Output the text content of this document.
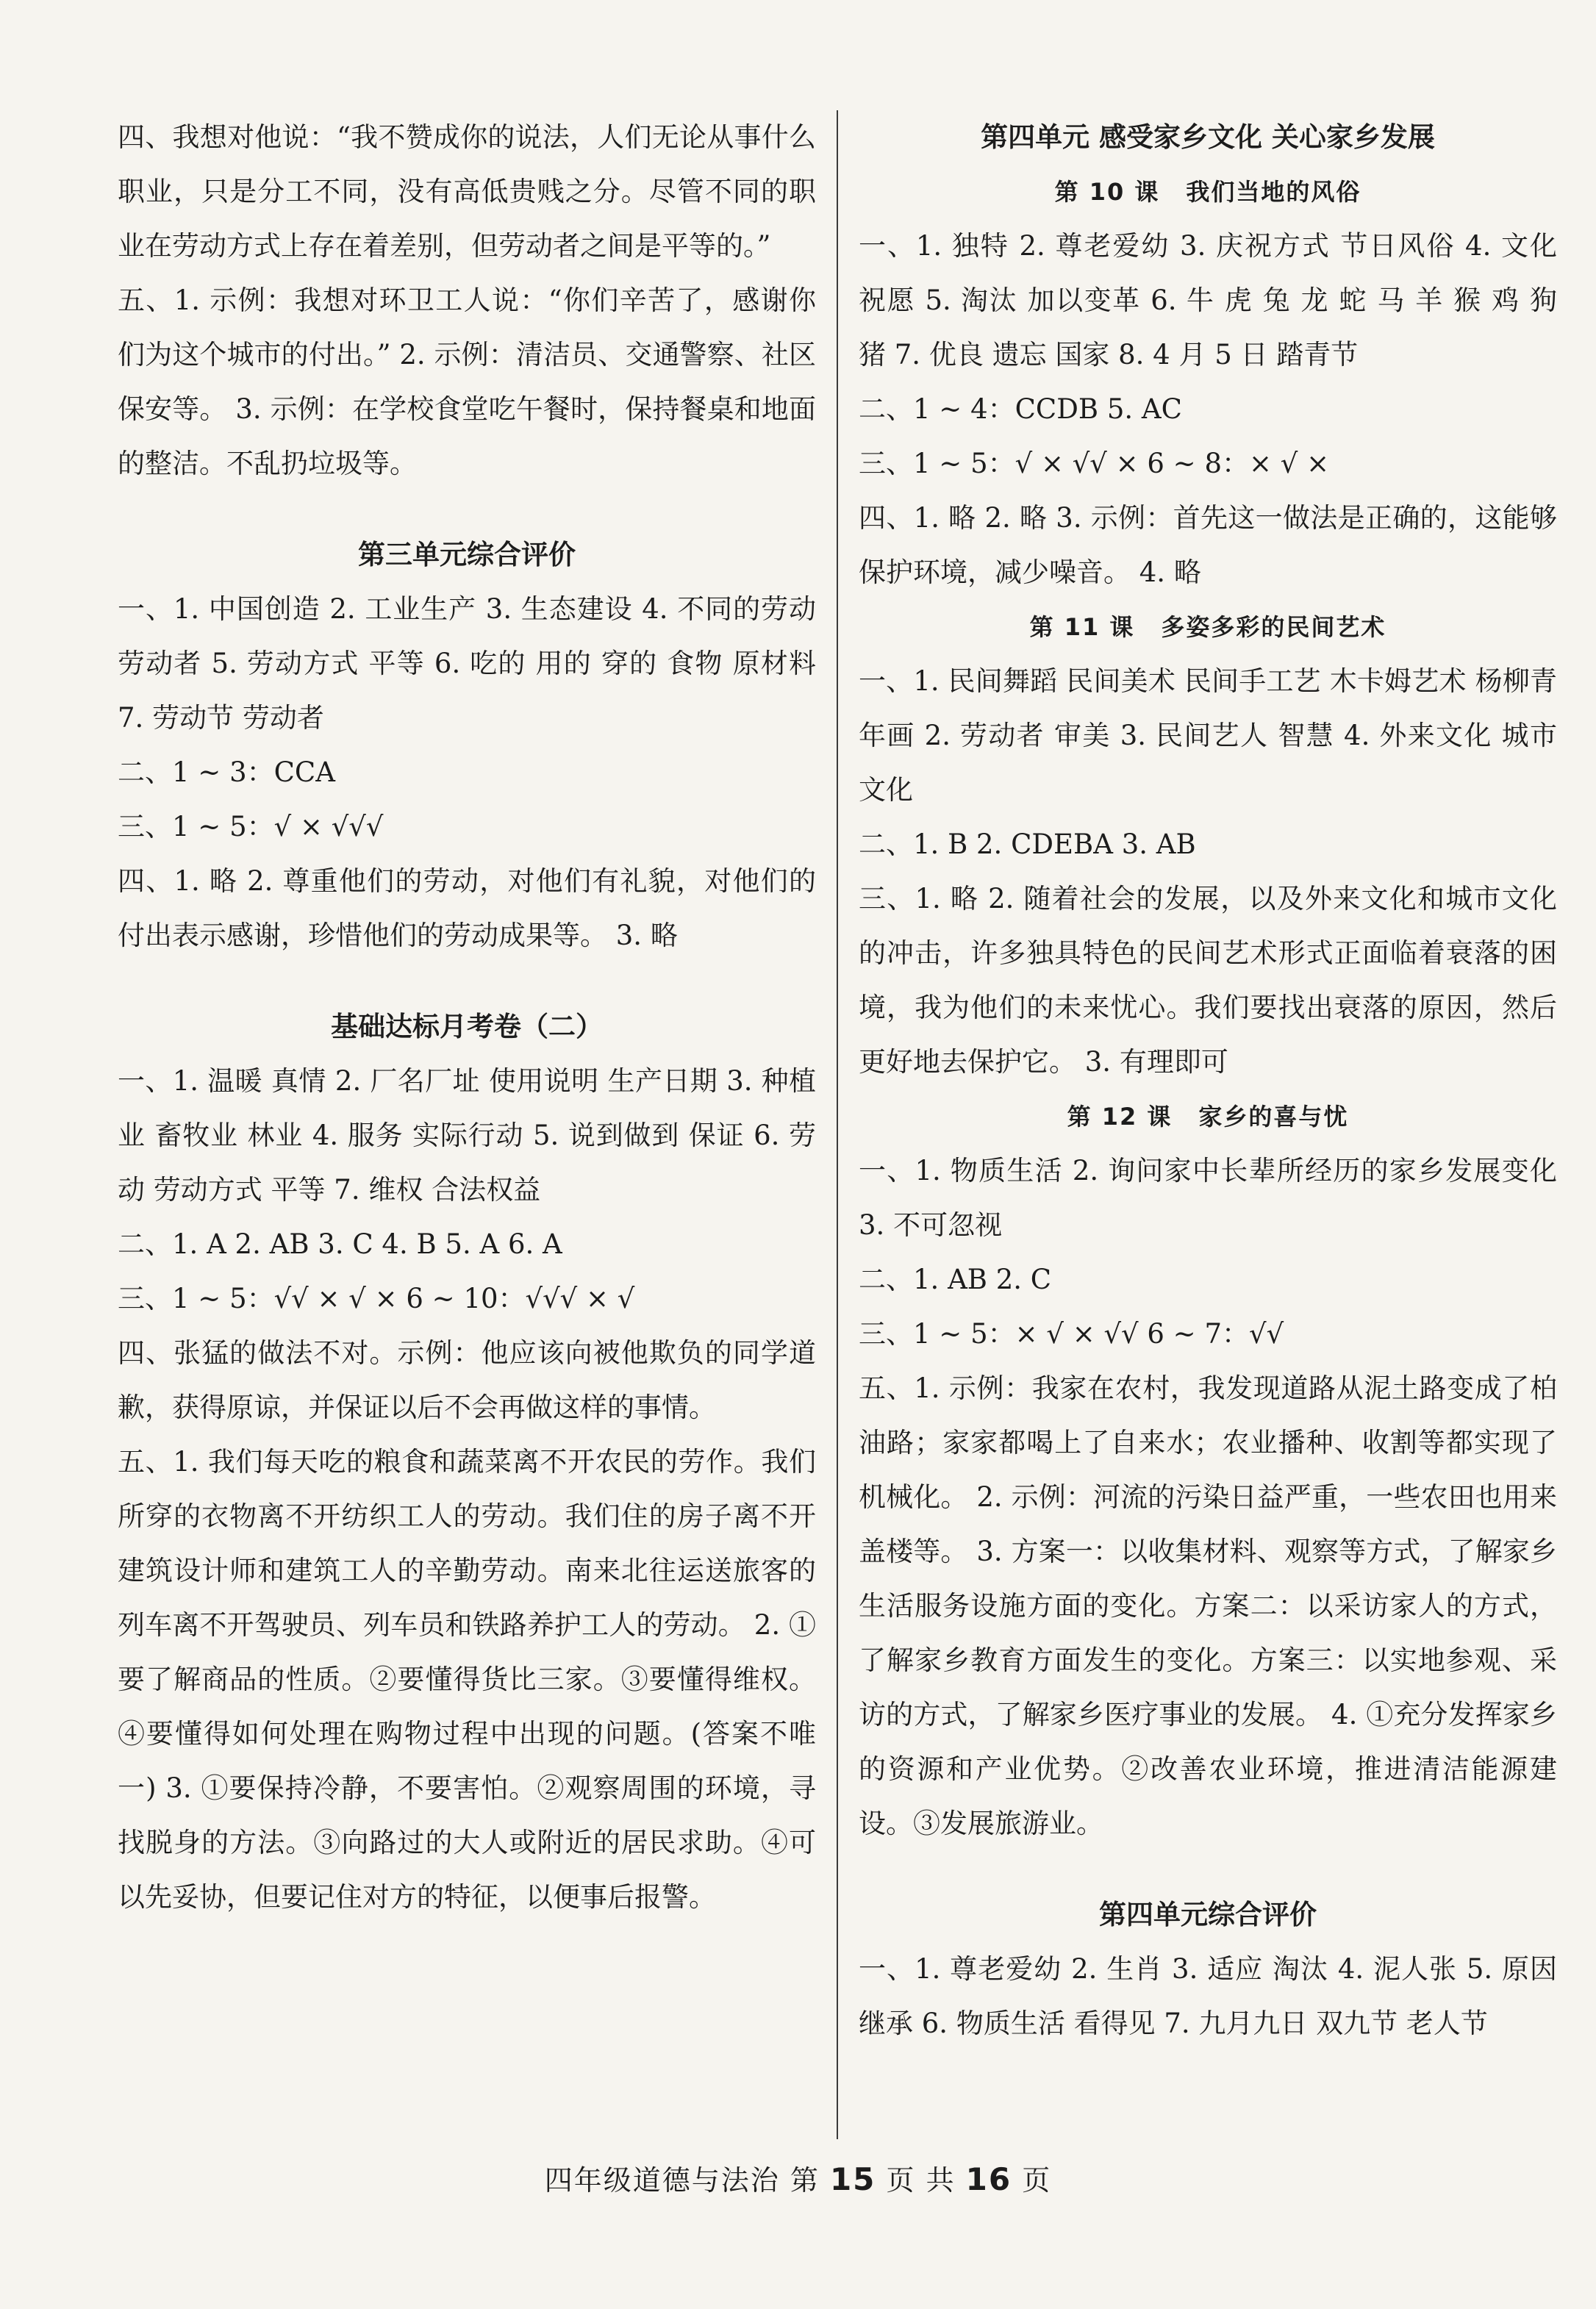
四、我想对他说：“我不赞成你的说法，人们无论从事什么职业，只是分工不同，没有高低贵贱之分。尽管不同的职业在劳动方式上存在着差别，但劳动者之间是平等的。”

五、1. 示例：我想对环卫工人说：“你们辛苦了，感谢你们为这个城市的付出。” 2. 示例：清洁员、交通警察、社区保安等。 3. 示例：在学校食堂吃午餐时，保持餐桌和地面的整洁。不乱扔垃圾等。

第三单元综合评价

一、1. 中国创造 2. 工业生产 3. 生态建设 4. 不同的劳动 劳动者 5. 劳动方式 平等 6. 吃的 用的 穿的 食物 原材料 7. 劳动节 劳动者

二、1 ~ 3：CCA

三、1 ~ 5：√ × √√√

四、1. 略 2. 尊重他们的劳动，对他们有礼貌，对他们的付出表示感谢，珍惜他们的劳动成果等。 3. 略

基础达标月考卷（二）

一、1. 温暖 真情 2. 厂名厂址 使用说明 生产日期 3. 种植业 畜牧业 林业 4. 服务 实际行动 5. 说到做到 保证 6. 劳动 劳动方式 平等 7. 维权 合法权益

二、1. A 2. AB 3. C 4. B 5. A 6. A

三、1 ~ 5：√√ × √ × 6 ~ 10：√√√ × √

四、张猛的做法不对。示例：他应该向被他欺负的同学道歉，获得原谅，并保证以后不会再做这样的事情。

五、1. 我们每天吃的粮食和蔬菜离不开农民的劳作。我们所穿的衣物离不开纺织工人的劳动。我们住的房子离不开建筑设计师和建筑工人的辛勤劳动。南来北往运送旅客的列车离不开驾驶员、列车员和铁路养护工人的劳动。 2. ①要了解商品的性质。②要懂得货比三家。③要懂得维权。④要懂得如何处理在购物过程中出现的问题。(答案不唯一) 3. ①要保持冷静，不要害怕。②观察周围的环境，寻找脱身的方法。③向路过的大人或附近的居民求助。④可以先妥协，但要记住对方的特征，以便事后报警。

第四单元 感受家乡文化 关心家乡发展

第 10 课 我们当地的风俗

一、1. 独特 2. 尊老爱幼 3. 庆祝方式 节日风俗 4. 文化 祝愿 5. 淘汰 加以变革 6. 牛 虎 兔 龙 蛇 马 羊 猴 鸡 狗 猪 7. 优良 遗忘 国家 8. 4 月 5 日 踏青节

二、1 ~ 4：CCDB 5. AC

三、1 ~ 5：√ × √√ × 6 ~ 8：× √ ×

四、1. 略 2. 略 3. 示例：首先这一做法是正确的，这能够保护环境，减少噪音。 4. 略

第 11 课 多姿多彩的民间艺术

一、1. 民间舞蹈 民间美术 民间手工艺 木卡姆艺术 杨柳青年画 2. 劳动者 审美 3. 民间艺人 智慧 4. 外来文化 城市文化

二、1. B 2. CDEBA 3. AB

三、1. 略 2. 随着社会的发展，以及外来文化和城市文化的冲击，许多独具特色的民间艺术形式正面临着衰落的困境，我为他们的未来忧心。我们要找出衰落的原因，然后更好地去保护它。 3. 有理即可

第 12 课 家乡的喜与忧

一、1. 物质生活 2. 询问家中长辈所经历的家乡发展变化 3. 不可忽视

二、1. AB 2. C

三、1 ~ 5：× √ × √√ 6 ~ 7：√√

五、1. 示例：我家在农村，我发现道路从泥土路变成了柏油路；家家都喝上了自来水；农业播种、收割等都实现了机械化。 2. 示例：河流的污染日益严重，一些农田也用来盖楼等。 3. 方案一：以收集材料、观察等方式，了解家乡生活服务设施方面的变化。方案二：以采访家人的方式，了解家乡教育方面发生的变化。方案三：以实地参观、采访的方式，了解家乡医疗事业的发展。 4. ①充分发挥家乡的资源和产业优势。②改善农业环境，推进清洁能源建设。③发展旅游业。

第四单元综合评价

一、1. 尊老爱幼 2. 生肖 3. 适应 淘汰 4. 泥人张 5. 原因 继承 6. 物质生活 看得见 7. 九月九日 双九节 老人节

四年级道德与法治 第 15 页 共 16 页
